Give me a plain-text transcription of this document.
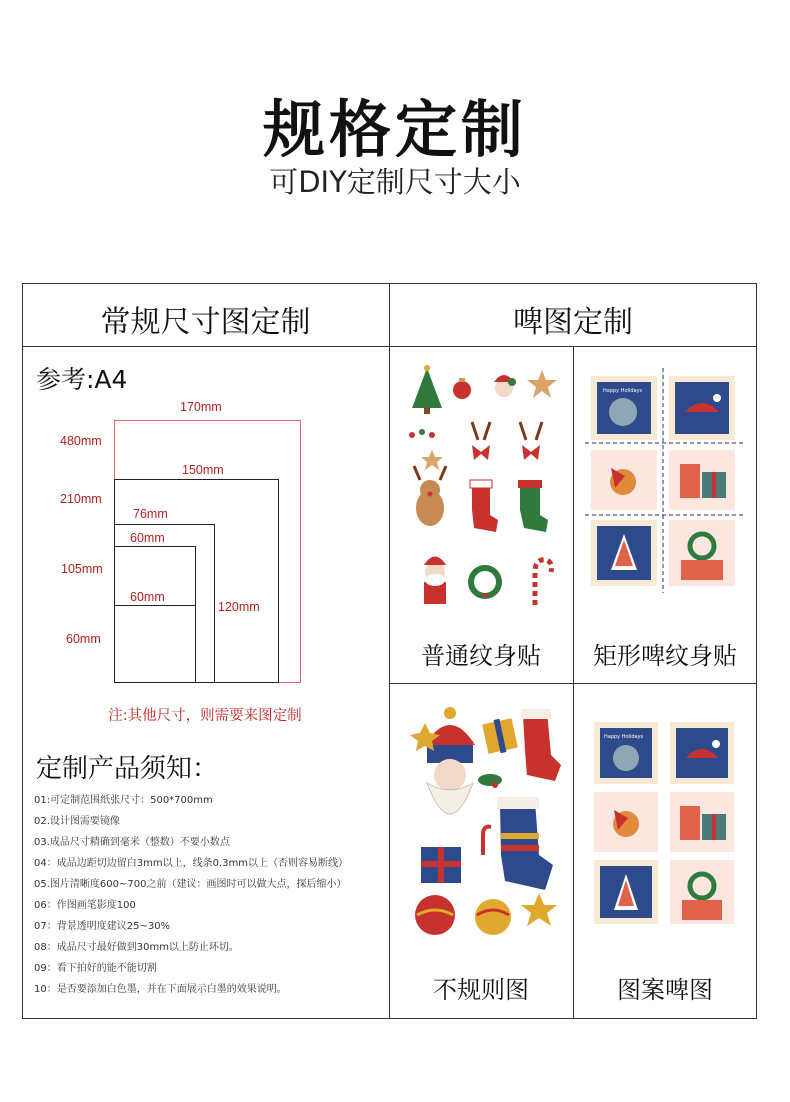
规格定制
可DIY定制尺寸大小
常规尺寸图定制	啤图定制
参考:A4
170mm
480mm
150mm
210mm
76mm
60mm
105mm
60mm
120mm
60mm
注:其他尺寸，则需要来图定制
定制产品须知：
01:可定制范围纸张尺寸：500*700mm
02.设计图需要镜像
03.成品尺寸精确到毫米（整数）不要小数点
04：成品边距切边留白3mm以上，线条0.3mm以上（否则容易断线）
05.图片清晰度600~700之前（建议：画图时可以做大点，探后缩小）
06：作图画笔影度100
07：背景透明度建议25~30%
08：成品尺寸最好做到30mm以上防止环切。
09：看下拍好的能不能切割
10：是否要添加白色墨，并在下面展示白墨的效果说明。
普通纹身贴
Happy Holidays
矩形啤纹身贴
不规则图
Happy Holidays
图案啤图
